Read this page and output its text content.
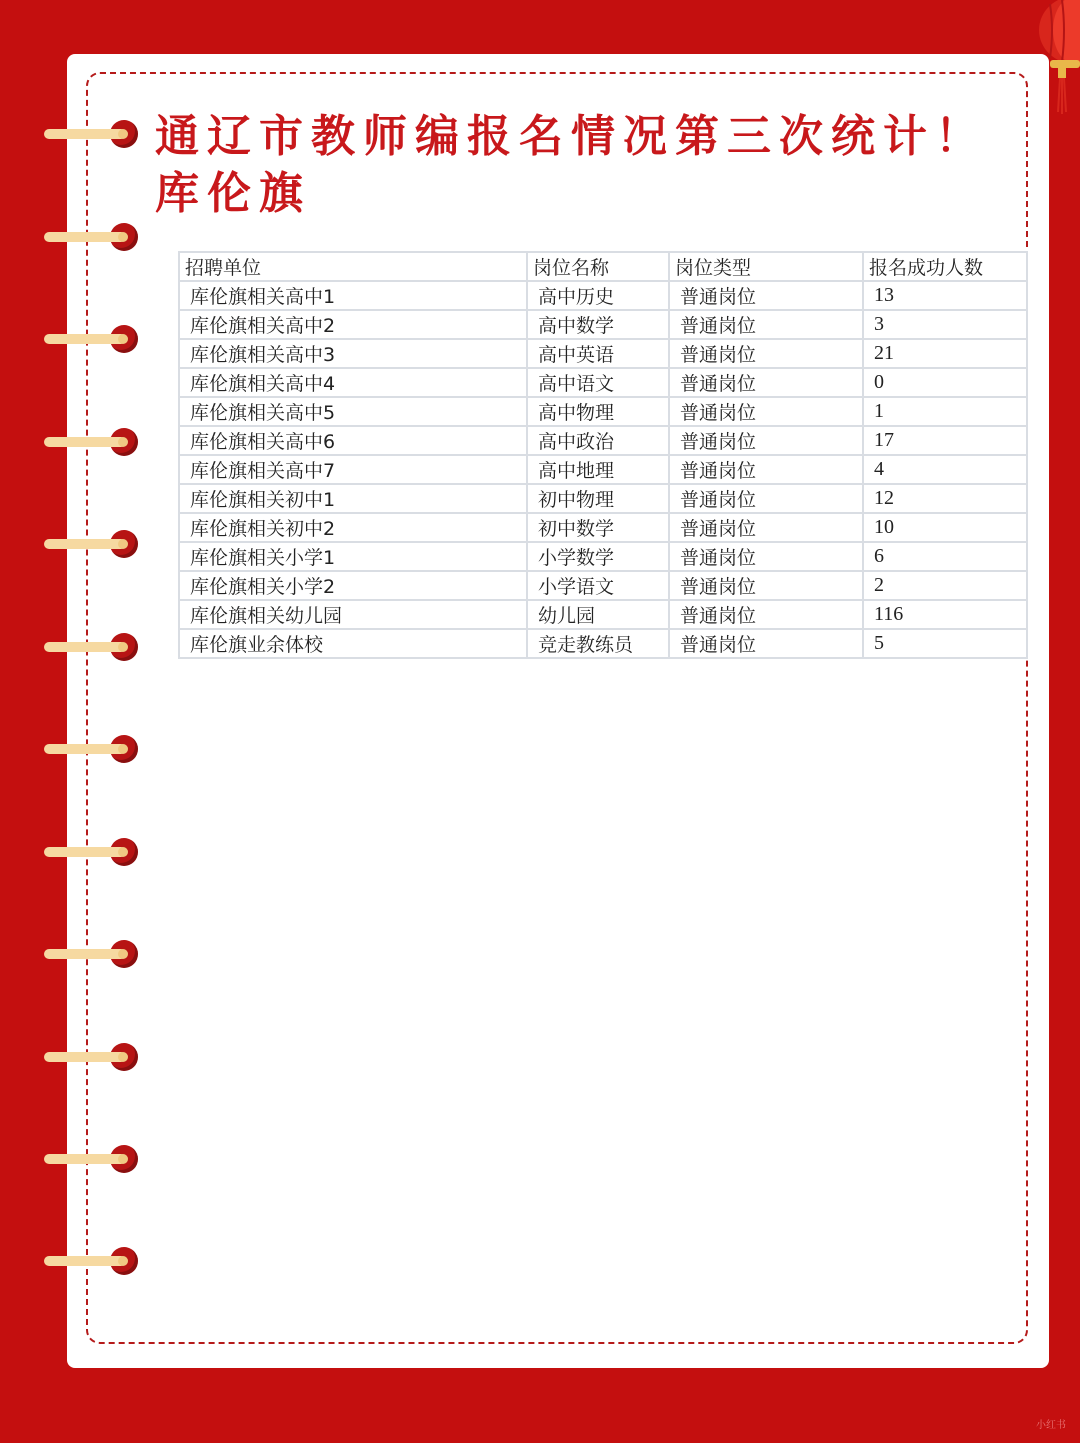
通辽市教师编报名情况第三次统计！
库伦旗
招聘单位	岗位名称	岗位类型	报名成功人数
库伦旗相关高中1	高中历史	普通岗位	13
库伦旗相关高中2	高中数学	普通岗位	3
库伦旗相关高中3	高中英语	普通岗位	21
库伦旗相关高中4	高中语文	普通岗位	0
库伦旗相关高中5	高中物理	普通岗位	1
库伦旗相关高中6	高中政治	普通岗位	17
库伦旗相关高中7	高中地理	普通岗位	4
库伦旗相关初中1	初中物理	普通岗位	12
库伦旗相关初中2	初中数学	普通岗位	10
库伦旗相关小学1	小学数学	普通岗位	6
库伦旗相关小学2	小学语文	普通岗位	2
库伦旗相关幼儿园	幼儿园	普通岗位	116
库伦旗业余体校	竞走教练员	普通岗位	5
小红书
